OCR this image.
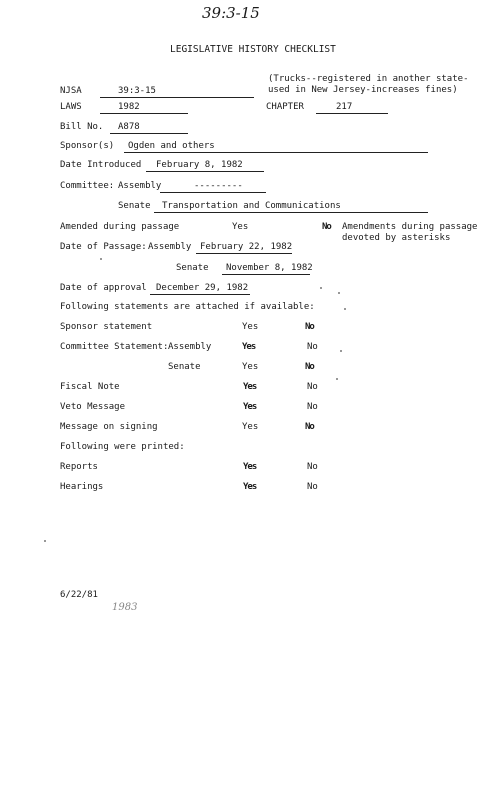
39:3-15
LEGISLATIVE HISTORY CHECKLIST
NJSA	39:3-15
(Trucks--registered in another state-
used in New Jersey-increases fines)
LAWS	1982	CHAPTER	217
Bill No.	A878
Sponsor(s)	Ogden and others
Date Introduced	February 8, 1982
Committee: Assembly	---------
Senate	Transportation and Communications
Amended during passage	Yes	No Amendments during passage
devoted by asterisks
Date of Passage: Assembly February 22, 1982
Senate	November 8, 1982
Date of approval	December 29, 1982
Following statements are attached if available:
Sponsor statement	Yes	No
Committee Statement: Assembly	Yes	No
Senate	Yes	No
Fiscal Note	Yes	No
Veto Message	Yes	No
Message on signing	Yes	No
Following were printed:
Reports	Yes	No
Hearings	Yes	No
6/22/81
1983
